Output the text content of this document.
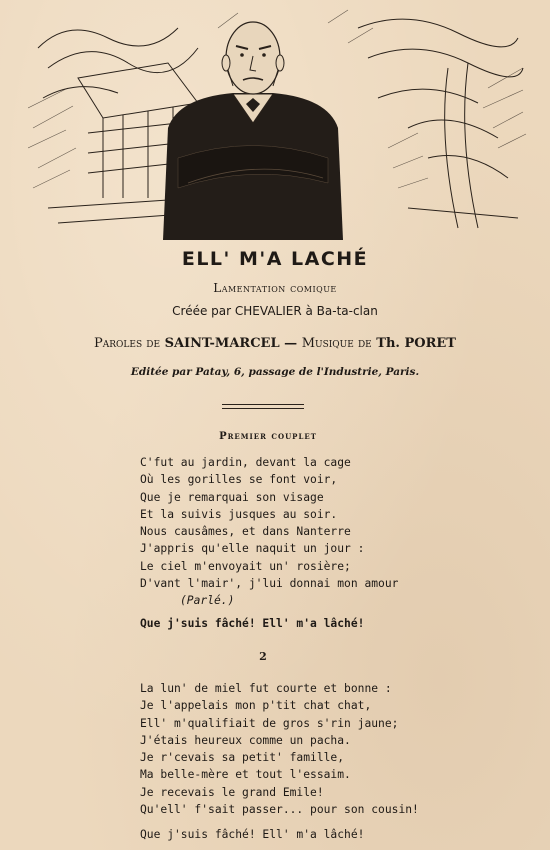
ELL' M'A LACHÉ
Lamentation comique
Créée par CHEVALIER à Ba-ta-clan
Paroles de SAINT-MARCEL — Musique de Th. PORET
Editée par Patay, 6, passage de l'Industrie, Paris.
Premier couplet
C'fut au jardin, devant la cage
Où les gorilles se font voir,
Que je remarquai son visage
Et la suivis jusques au soir.
Nous causâmes, et dans Nanterre
J'appris qu'elle naquit un jour :
Le ciel m'envoyait un' rosière;
D'vant l'mair', j'lui donnai mon amour
(Parlé.)
Que j'suis fâché! Ell' m'a lâché!
2
La lun' de miel fut courte et bonne :
Je l'appelais mon p'tit chat chat,
Ell' m'qualifiait de gros s'rin jaune;
J'étais heureux comme un pacha.
Je r'cevais sa petit' famille,
Ma belle-mère et tout l'essaim.
Je recevais le grand Emile!
Qu'ell' f'sait passer... pour son cousin!
Que j'suis fâché! Ell' m'a lâché!
